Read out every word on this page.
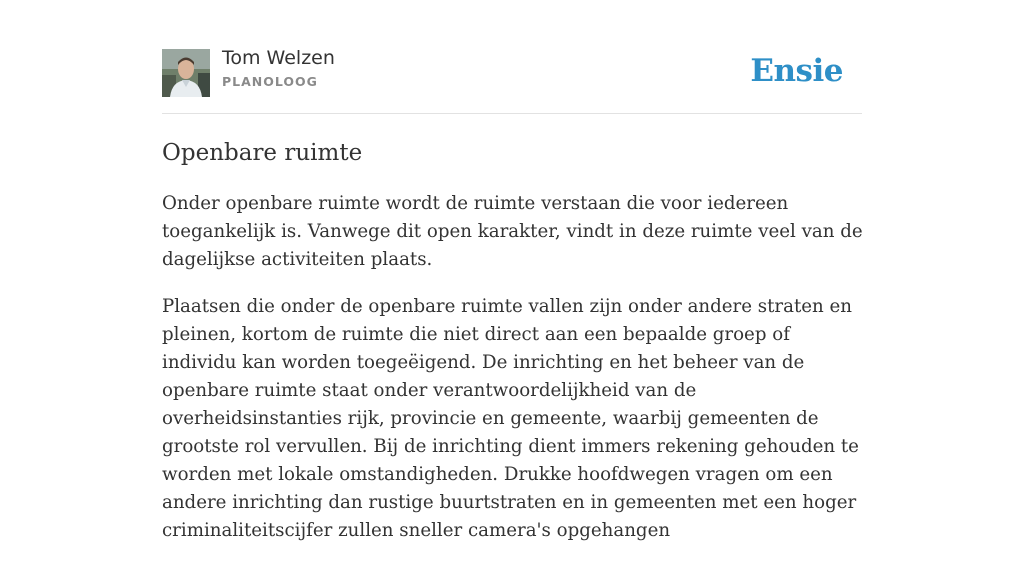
Tom Welzen
PLANOLOOG	Ensie
Openbare ruimte

Onder openbare ruimte wordt de ruimte verstaan die voor iedereen toegankelijk is. Vanwege dit open karakter, vindt in deze ruimte veel van de dagelijkse activiteiten plaats.

Plaatsen die onder de openbare ruimte vallen zijn onder andere straten en pleinen, kortom de ruimte die niet direct aan een bepaalde groep of individu kan worden toegeëigend. De inrichting en het beheer van de openbare ruimte staat onder verantwoordelijkheid van de overheidsinstanties rijk, provincie en gemeente, waarbij gemeenten de grootste rol vervullen. Bij de inrichting dient immers rekening gehouden te worden met lokale omstandigheden. Drukke hoofdwegen vragen om een andere inrichting dan rustige buurtstraten en in gemeenten met een hoger criminaliteitscijfer zullen sneller camera's opgehangen
